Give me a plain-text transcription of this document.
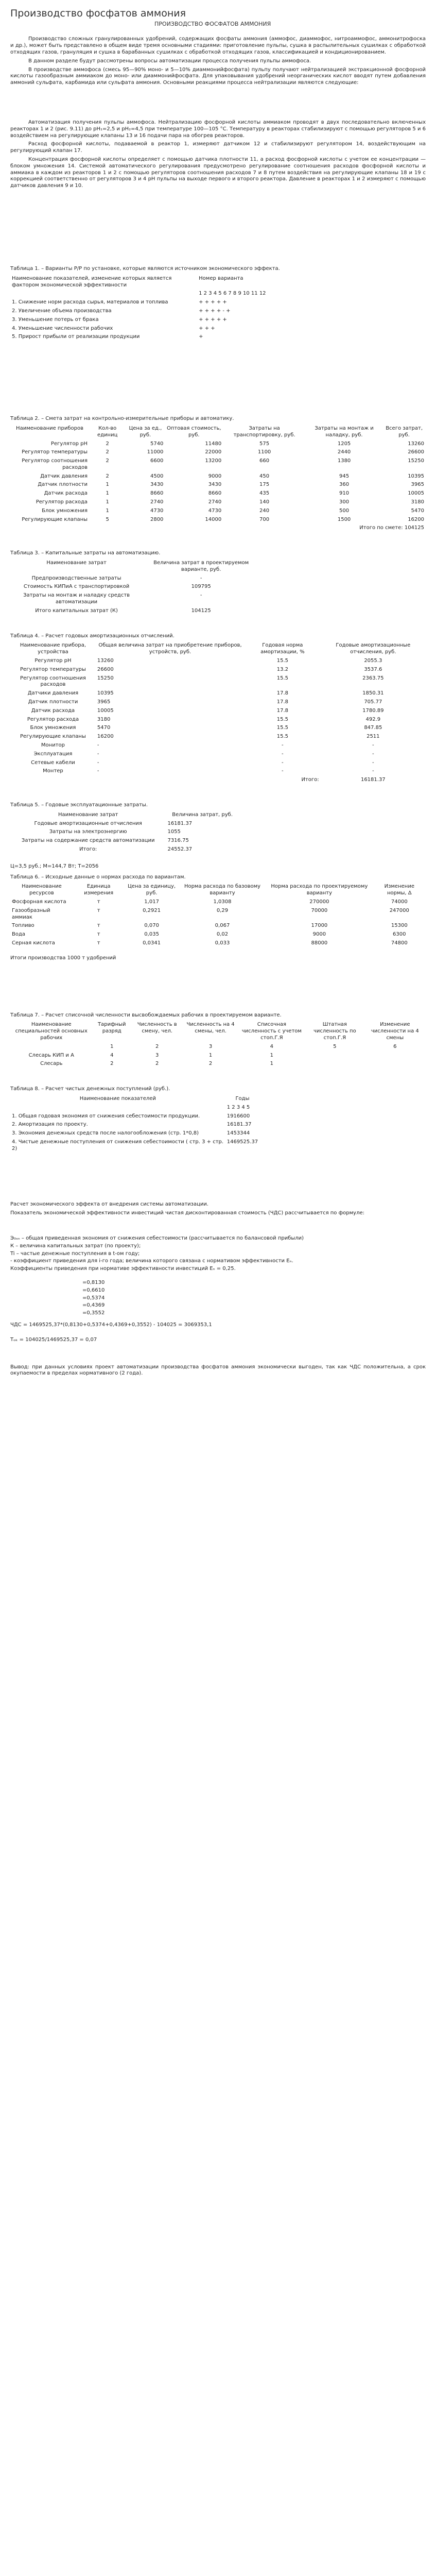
Производство фосфатов аммония
ПРОИЗВОДСТВО ФОСФАТОВ АММОНИЯ

Производство сложных гранулированных удобрений, содержащих фосфаты аммония (аммофос, диаммофос, нитроаммофос, аммонитрофоска и др.), может быть представлено в общем виде тремя основными стадиями: приготовление пульпы, сушка в распылительных сушилках с обработкой отходящих газов, грануляция и сушка в барабанных сушилках с обработкой отходящих газов, классификацией и кондиционированием.

В данном разделе будут рассмотрены вопросы автоматизации процесса получения пульпы аммофоса.

В производстве аммофоса (смесь 95—90% моно- и 5—10% диаммонийфосфата) пульпу получают нейтрализацией экстракционной фосфорной кислоты газообразным аммиаком до моно- или диаммонийфосфата. Для упаковывания удобрений неорганических кислот вводят путем добавления аммоний сульфата, карбамида или сульфата аммония. Основными реакциями процесса нейтрализации являются следующие:

Автоматизация получения пульпы аммофоса. Нейтрализацию фосфорной кислоты аммиаком проводят в двух последовательно включенных реакторах 1 и 2 (рис. 9.11) до pH₁=2,5 и pH₂=4,5 при температуре 100—105 °C. Температуру в реакторах стабилизируют с помощью регуляторов 5 и 6 воздействием на регулирующие клапаны 13 и 16 подачи пара на обогрев реакторов.

Расход фосфорной кислоты, подаваемой в реактор 1, измеряют датчиком 12 и стабилизируют регулятором 14, воздействующим на регулирующий клапан 17.

Концентрация фосфорной кислоты определяет с помощью датчика плотности 11, а расход фосфорной кислоты с учетом ее концентрации — блоком умножения 14. Системой автоматического регулирования предусмотрено регулирование соотношения расходов фосфорной кислоты и аммиака в каждом из реакторов 1 и 2 с помощью регуляторов соотношения расходов 7 и 8 путем воздействия на регулирующие клапаны 18 и 19 с коррекцией соответственно от регуляторов 3 и 4 pH пульпы на выходе первого и второго реактора. Давление в реакторах 1 и 2 измеряют с помощью датчиков давления 9 и 10.

Таблица 1. – Варианты Р/Р по установке, которые являются источником экономического эффекта.
Наименование показателей, изменение которых является фактором экономической эффективности	Номер варианта
	1 2 3 4 5 6 7 8 9 10 11 12
1. Снижение норм расхода сырья, материалов и топлива	+ + + + +
2. Увеличение объема производства	+ + + + - +
3. Уменьшение потерь от брака	+ + + + +
4. Уменьшение численности рабочих	+ + +
5. Прирост прибыли от реализации продукции	+
Таблица 2. – Смета затрат на контрольно-измерительные приборы и автоматику.
Наименование приборов	Кол-во единиц	Цена за ед., руб.	Оптовая стоимость, руб.	Затраты на транспортировку, руб.	Затраты на монтаж и наладку, руб.	Всего затрат, руб.
Регулятор pH	2	5740	11480	575	1205	13260
Регулятор температуры	2	11000	22000	1100	2440	26600
Регулятор соотношения расходов	2	6600	13200	660	1380	15250
Датчик давления	2	4500	9000	450	945	10395
Датчик плотности	1	3430	3430	175	360	3965
Датчик расхода	1	8660	8660	435	910	10005
Регулятор расхода	1	2740	2740	140	300	3180
Блок умножения	1	4730	4730	240	500	5470
Регулирующие клапаны	5	2800	14000	700	1500	16200
Итого по смете: 104125						
Таблица 3. – Капитальные затраты на автоматизацию.
Наименование затрат	Величина затрат в проектируемом варианте, руб.
Предпроизводственные затраты	-
Стоимость КИПиА с транспортировкой	109795
Затраты на монтаж и наладку средств автоматизации	-
Итого капитальных затрат (К)	104125
Таблица 4. – Расчет годовых амортизационных отчислений.
Наименование прибора, устройства	Общая величина затрат на приобретение приборов, устройств, руб.	Годовая норма амортизации, %	Годовые амортизационные отчисления, руб.
Регулятор pH	13260	15.5	2055.3
Регулятор температуры	26600	13.2	3537.6
Регулятор соотношения расходов	15250	15.5	2363.75
Датчики давления	10395	17.8	1850.31
Датчик плотности	3965	17.8	705.77
Датчик расхода	10005	17.8	1780.89
Регулятор расхода	3180	15.5	492.9
Блок умножения	5470	15.5	847.85
Регулирующие клапаны	16200	15.5	2511
Монитор	-	-	-
Эксплуатация	-	-	-
Сетевые кабели	-	-	-
Монтер	-	-	-
		Итого:	16181.37
Таблица 5. – Годовые эксплуатационные затраты.
Наименование затрат	Величина затрат, руб.
Годовые амортизационные отчисления	16181.37
Затраты на электроэнергию	1055
Затраты на содержание средств автоматизации	7316.75
Итого:	24552.37

Ц=3,5 руб.; М=144,7 Вт; Т=2056

Таблица 6. – Исходные данные о нормах расхода по вариантам.
Наименование ресурсов	Единица измерения	Цена за единицу, руб.	Норма расхода по базовому варианту	Норма расхода по проектируемому варианту	Изменение нормы, Δ
Фосфорная кислота	т	1,017	1,0308	270000	74000
Газообразный аммиак	т	0,2921	0,29	70000	247000
Топливо	т	0,070	0,067	17000	15300
Вода	т	0,035	0,02	9000	6300
Серная кислота	т	0,0341	0,033	88000	74800

Итоги производства 1000 т удобрений

Таблица 7. – Расчет списочной численности высвобождаемых рабочих в проектируемом варианте.
Наименование специальностей основных рабочих	Тарифный разряд	Численность в смену, чел.	Численность на 4 смены, чел.	Списочная численность с учетом стоп.Г.Я	Штатная численность по стоп.Г.Я	Изменение численности на 4 смены
	1	2	3	4	5	6
Слесарь КИП и А	4	3	1	1		
Слесарь	2	2	2	1		
Таблица 8. – Расчет чистых денежных поступлений (руб.).
Наименование показателей	Годы
	1 2 3 4 5
1. Общая годовая экономия от снижения себестоимости продукции.	1916600
2. Амортизация по проекту.	16181.37
3. Экономия денежных средств после налогообложения (стр. 1*0,8)	1453344
4. Чистые денежные поступления от снижения себестоимости ( стр. 3 + стр. 2)	1469525.37

Расчет экономического эффекта от внедрения системы автоматизации.

Показатель экономической эффективности инвестиций чистая дисконтированная стоимость (ЧДС) рассчитывается по формуле:

Э₀ₛₙ – общая приведенная экономия от снижения себестоимости (рассчитывается по балансовой прибыли)

К – величина капитальных затрат (по проекту);

Ti – частые денежные поступления в t-ом году;

- коэффициент приведения для i-го года; величина которого связана с нормативом эффективности Еₙ.

Коэффициенты приведения при нормативе эффективности инвестиций Еₙ = 0,25.

=0,8130

=0,6610

=0,5374

=0,4369

=0,3552

ЧДС = 1469525,37*(0,8130+0,5374+0,4369+0,3552) - 104025 = 3069353,1

Tₒₖ = 104025/1469525,37 = 0,07

Вывод: при данных условиях проект автоматизации производства фосфатов аммония экономически выгоден, так как ЧДС положительна, а срок окупаемости в пределах нормативного (2 года).
